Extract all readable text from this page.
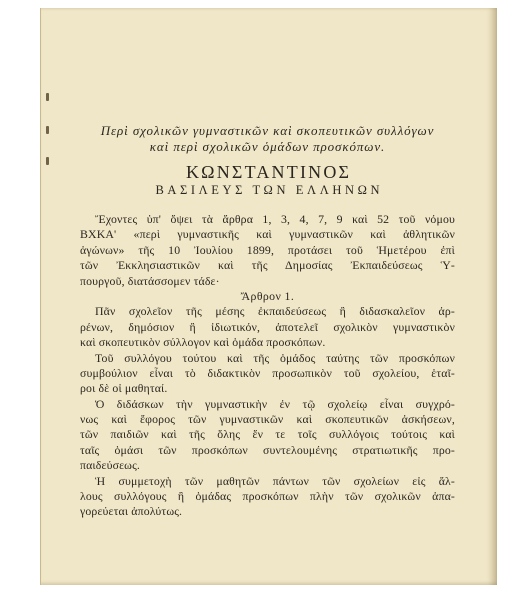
Περὶ σχολικῶν γυμναστικῶν καὶ σκοπευτικῶν συλλόγων
καὶ περὶ σχολικῶν ὁμάδων προσκόπων.
ΚΩΝΣΤΑΝΤΙΝΟΣ
ΒΑΣΙΛΕΥΣ ΤΩΝ ΕΛΛΗΝΩΝ
Ἔχοντες ὑπ' ὄψει τὰ ἄρθρα 1, 3, 4, 7, 9 καὶ 52 τοῦ νόμου
ΒΧΚΑ' «περὶ γυμναστικῆς καὶ γυμναστικῶν καὶ ἀθλητικῶν
ἀγώνων» τῆς 10 Ἰουλίου 1899, προτάσει τοῦ Ἡμετέρου ἐπὶ
τῶν Ἐκκλησιαστικῶν καὶ τῆς Δημοσίας Ἐκπαιδεύσεως Ὑ-
πουργοῦ, διατάσσομεν τάδε·
Ἄρθρον 1.
Πᾶν σχολεῖον τῆς μέσης ἐκπαιδεύσεως ἢ διδασκαλεῖον ἀρ-
ρένων, δημόσιον ἢ ἰδιωτικόν, ἀποτελεῖ σχολικὸν γυμναστικὸν
καὶ σκοπευτικὸν σύλλογον καὶ ὁμάδα προσκόπων.
Τοῦ συλλόγου τούτου καὶ τῆς ὁμάδος ταύτης τῶν προσκόπων
συμβούλιον εἶναι τὸ διδακτικὸν προσωπικὸν τοῦ σχολείου, ἑταῖ-
ροι δὲ οἱ μαθηταί.
Ὁ διδάσκων τὴν γυμναστικὴν ἐν τῷ σχολείῳ εἶναι συγχρό-
νως καὶ ἔφορος τῶν γυμναστικῶν καὶ σκοπευτικῶν ἀσκήσεων,
τῶν παιδιῶν καὶ τῆς ὅλης ἔν τε τοῖς συλλόγοις τούτοις καὶ
ταῖς ὁμάσι τῶν προσκόπων συντελουμένης στρατιωτικῆς προ-
παιδεύσεως.
Ἡ συμμετοχὴ τῶν μαθητῶν πάντων τῶν σχολείων εἰς ἄλ-
λους συλλόγους ἢ ὁμάδας προσκόπων πλὴν τῶν σχολικῶν ἀπα-
γορεύεται ἀπολύτως.
